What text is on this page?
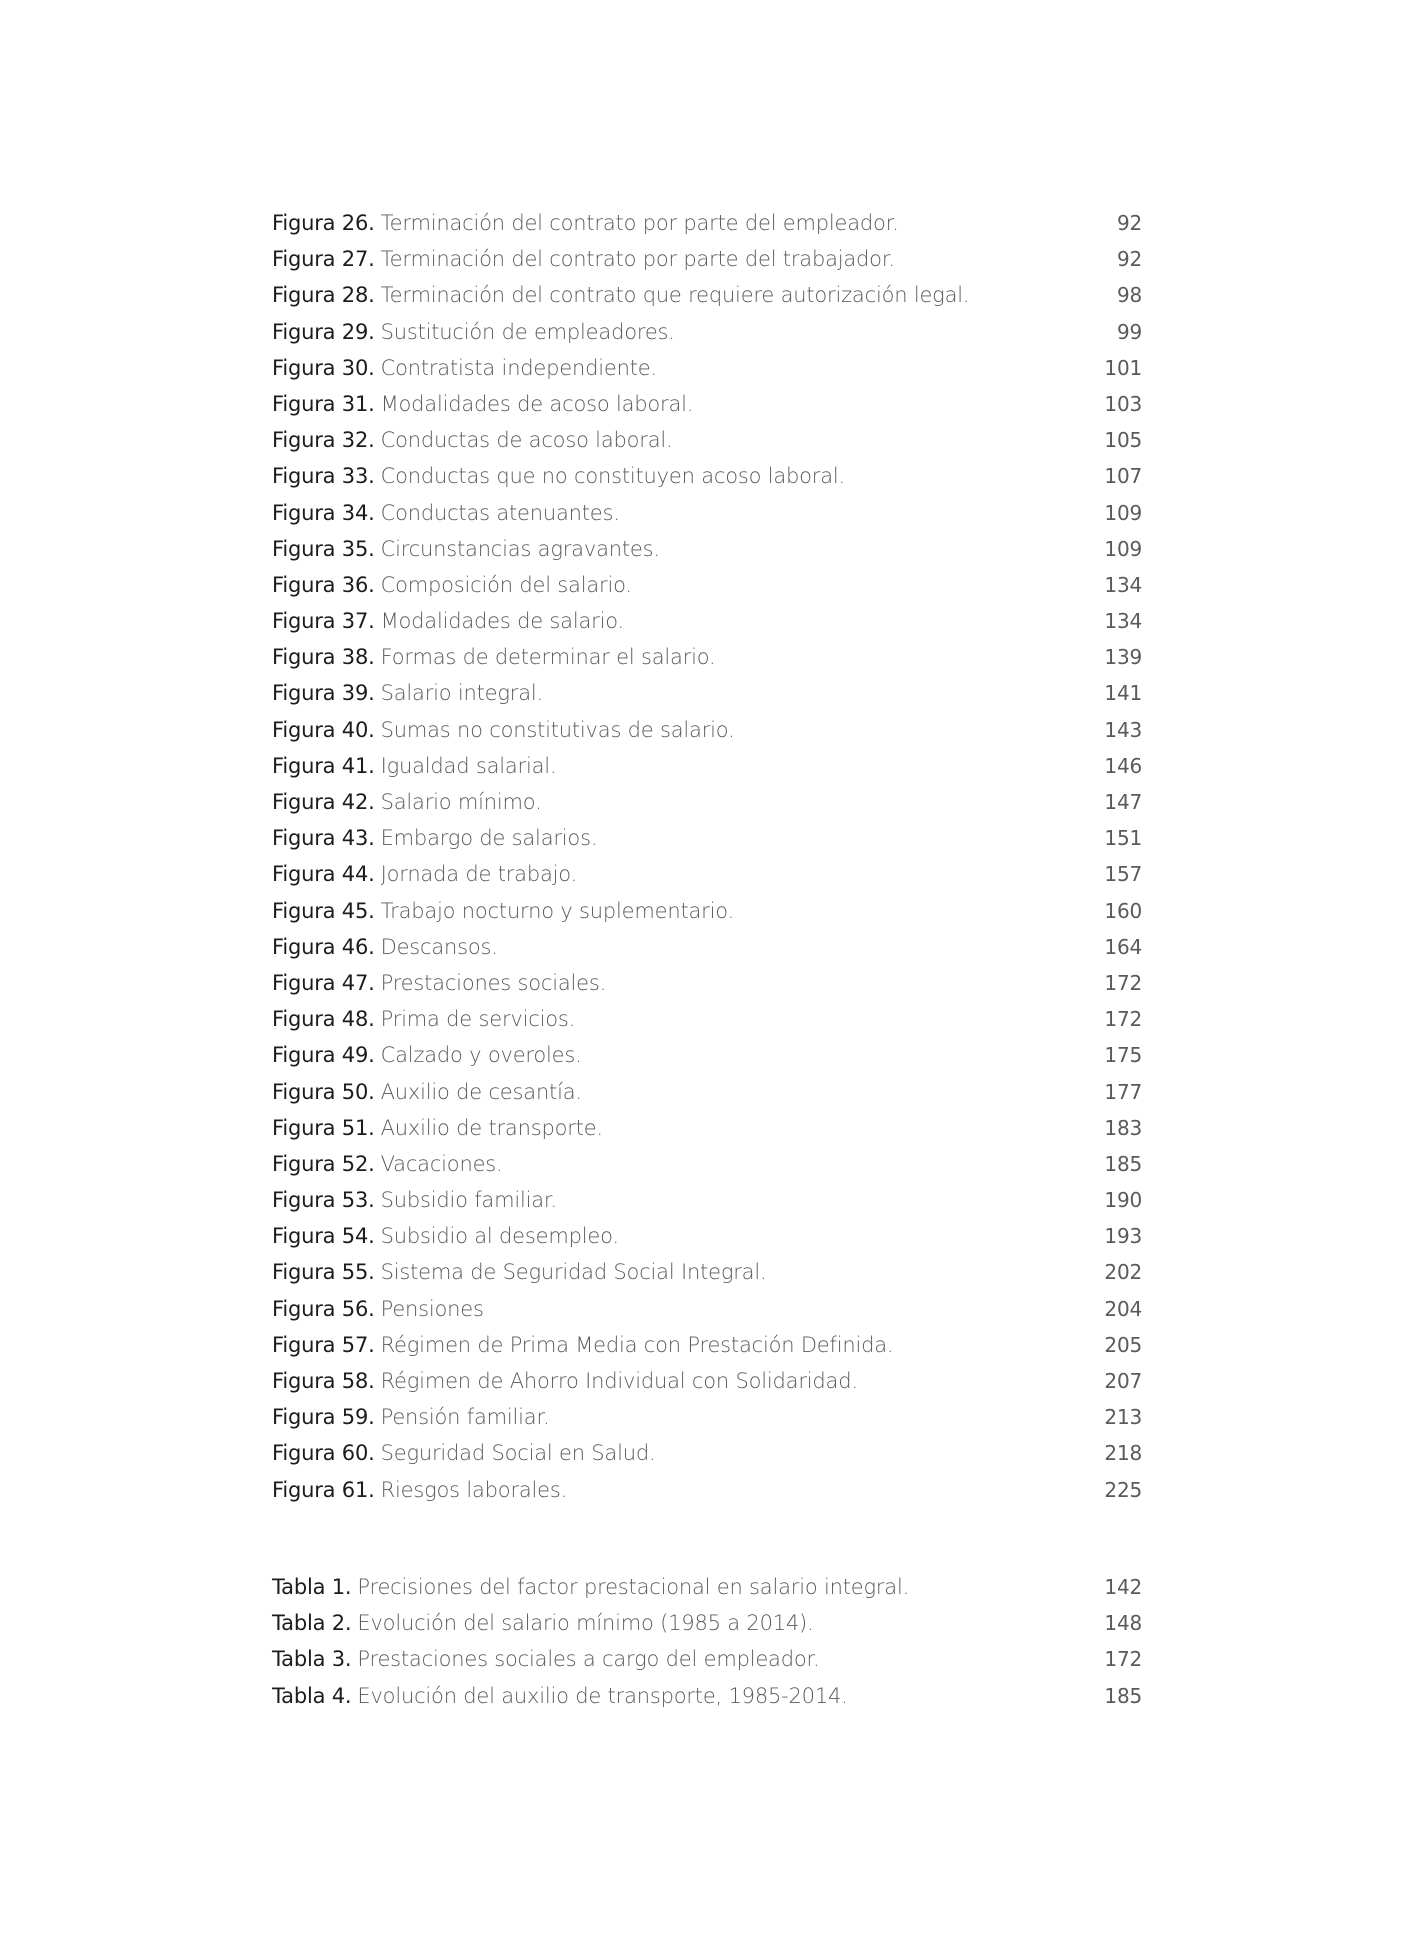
Figura 26. Terminación del contrato por parte del empleador.	92
Figura 27. Terminación del contrato por parte del trabajador.	92
Figura 28. Terminación del contrato que requiere autorización legal.	98
Figura 29. Sustitución de empleadores.	99
Figura 30. Contratista independiente.	101
Figura 31. Modalidades de acoso laboral.	103
Figura 32. Conductas de acoso laboral.	105
Figura 33. Conductas que no constituyen acoso laboral.	107
Figura 34. Conductas atenuantes.	109
Figura 35. Circunstancias agravantes.	109
Figura 36. Composición del salario.	134
Figura 37. Modalidades de salario.	134
Figura 38. Formas de determinar el salario.	139
Figura 39. Salario integral.	141
Figura 40. Sumas no constitutivas de salario.	143
Figura 41. Igualdad salarial.	146
Figura 42. Salario mínimo.	147
Figura 43. Embargo de salarios.	151
Figura 44. Jornada de trabajo.	157
Figura 45. Trabajo nocturno y suplementario.	160
Figura 46. Descansos.	164
Figura 47. Prestaciones sociales.	172
Figura 48. Prima de servicios.	172
Figura 49. Calzado y overoles.	175
Figura 50. Auxilio de cesantía.	177
Figura 51. Auxilio de transporte.	183
Figura 52. Vacaciones.	185
Figura 53. Subsidio familiar.	190
Figura 54. Subsidio al desempleo.	193
Figura 55. Sistema de Seguridad Social Integral.	202
Figura 56. Pensiones	204
Figura 57. Régimen de Prima Media con Prestación Definida.	205
Figura 58. Régimen de Ahorro Individual con Solidaridad.	207
Figura 59. Pensión familiar.	213
Figura 60. Seguridad Social en Salud.	218
Figura 61. Riesgos laborales.	225
Tabla 1. Precisiones del factor prestacional en salario integral.	142
Tabla 2. Evolución del salario mínimo (1985 a 2014).	148
Tabla 3. Prestaciones sociales a cargo del empleador.	172
Tabla 4. Evolución del auxilio de transporte, 1985-2014.	185
